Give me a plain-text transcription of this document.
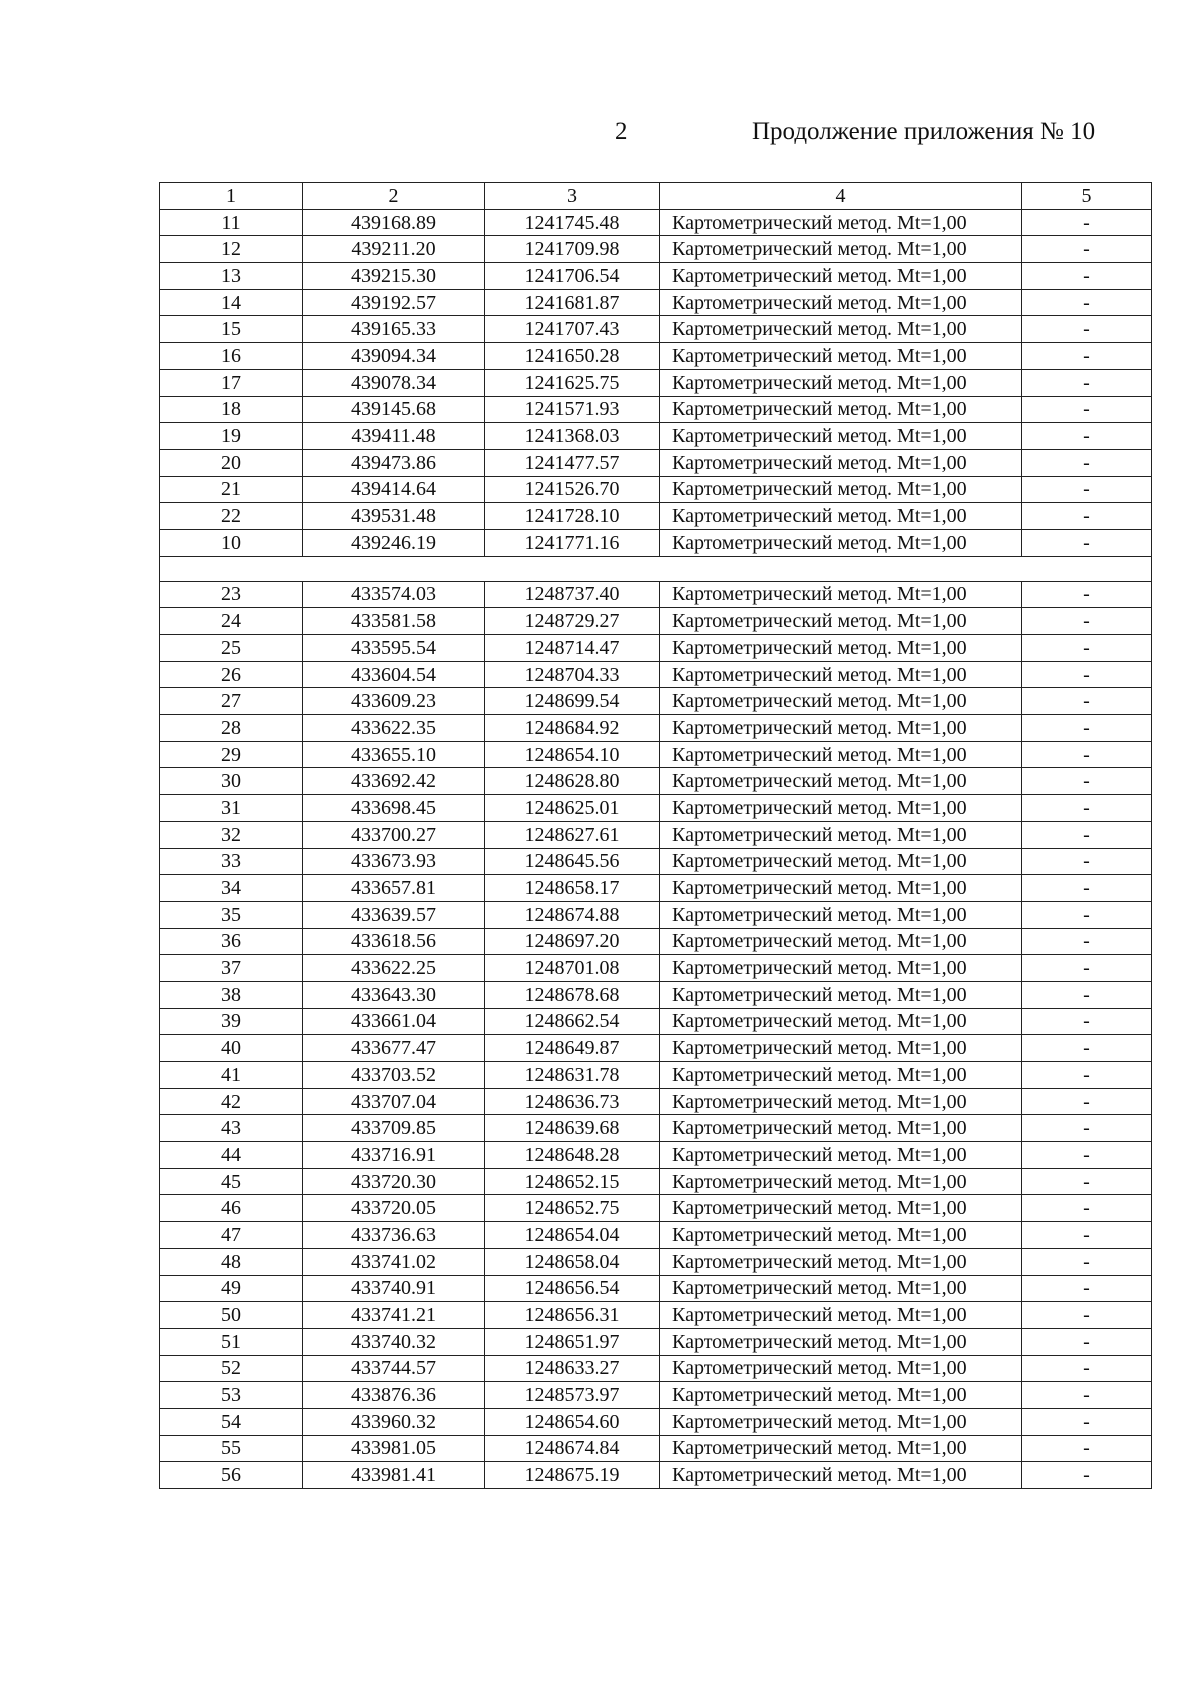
2	Продолжение приложения № 10
1	2	3	4	5
11	439168.89	1241745.48	Картометрический метод. Mt=1,00	-
12	439211.20	1241709.98	Картометрический метод. Mt=1,00	-
13	439215.30	1241706.54	Картометрический метод. Mt=1,00	-
14	439192.57	1241681.87	Картометрический метод. Mt=1,00	-
15	439165.33	1241707.43	Картометрический метод. Mt=1,00	-
16	439094.34	1241650.28	Картометрический метод. Mt=1,00	-
17	439078.34	1241625.75	Картометрический метод. Mt=1,00	-
18	439145.68	1241571.93	Картометрический метод. Mt=1,00	-
19	439411.48	1241368.03	Картометрический метод. Mt=1,00	-
20	439473.86	1241477.57	Картометрический метод. Mt=1,00	-
21	439414.64	1241526.70	Картометрический метод. Mt=1,00	-
22	439531.48	1241728.10	Картометрический метод. Mt=1,00	-
10	439246.19	1241771.16	Картометрический метод. Mt=1,00	-

23	433574.03	1248737.40	Картометрический метод. Mt=1,00	-
24	433581.58	1248729.27	Картометрический метод. Mt=1,00	-
25	433595.54	1248714.47	Картометрический метод. Mt=1,00	-
26	433604.54	1248704.33	Картометрический метод. Mt=1,00	-
27	433609.23	1248699.54	Картометрический метод. Mt=1,00	-
28	433622.35	1248684.92	Картометрический метод. Mt=1,00	-
29	433655.10	1248654.10	Картометрический метод. Mt=1,00	-
30	433692.42	1248628.80	Картометрический метод. Mt=1,00	-
31	433698.45	1248625.01	Картометрический метод. Mt=1,00	-
32	433700.27	1248627.61	Картометрический метод. Mt=1,00	-
33	433673.93	1248645.56	Картометрический метод. Mt=1,00	-
34	433657.81	1248658.17	Картометрический метод. Mt=1,00	-
35	433639.57	1248674.88	Картометрический метод. Mt=1,00	-
36	433618.56	1248697.20	Картометрический метод. Mt=1,00	-
37	433622.25	1248701.08	Картометрический метод. Mt=1,00	-
38	433643.30	1248678.68	Картометрический метод. Mt=1,00	-
39	433661.04	1248662.54	Картометрический метод. Mt=1,00	-
40	433677.47	1248649.87	Картометрический метод. Mt=1,00	-
41	433703.52	1248631.78	Картометрический метод. Mt=1,00	-
42	433707.04	1248636.73	Картометрический метод. Mt=1,00	-
43	433709.85	1248639.68	Картометрический метод. Mt=1,00	-
44	433716.91	1248648.28	Картометрический метод. Mt=1,00	-
45	433720.30	1248652.15	Картометрический метод. Mt=1,00	-
46	433720.05	1248652.75	Картометрический метод. Mt=1,00	-
47	433736.63	1248654.04	Картометрический метод. Mt=1,00	-
48	433741.02	1248658.04	Картометрический метод. Mt=1,00	-
49	433740.91	1248656.54	Картометрический метод. Mt=1,00	-
50	433741.21	1248656.31	Картометрический метод. Mt=1,00	-
51	433740.32	1248651.97	Картометрический метод. Mt=1,00	-
52	433744.57	1248633.27	Картометрический метод. Mt=1,00	-
53	433876.36	1248573.97	Картометрический метод. Mt=1,00	-
54	433960.32	1248654.60	Картометрический метод. Mt=1,00	-
55	433981.05	1248674.84	Картометрический метод. Mt=1,00	-
56	433981.41	1248675.19	Картометрический метод. Mt=1,00	-
